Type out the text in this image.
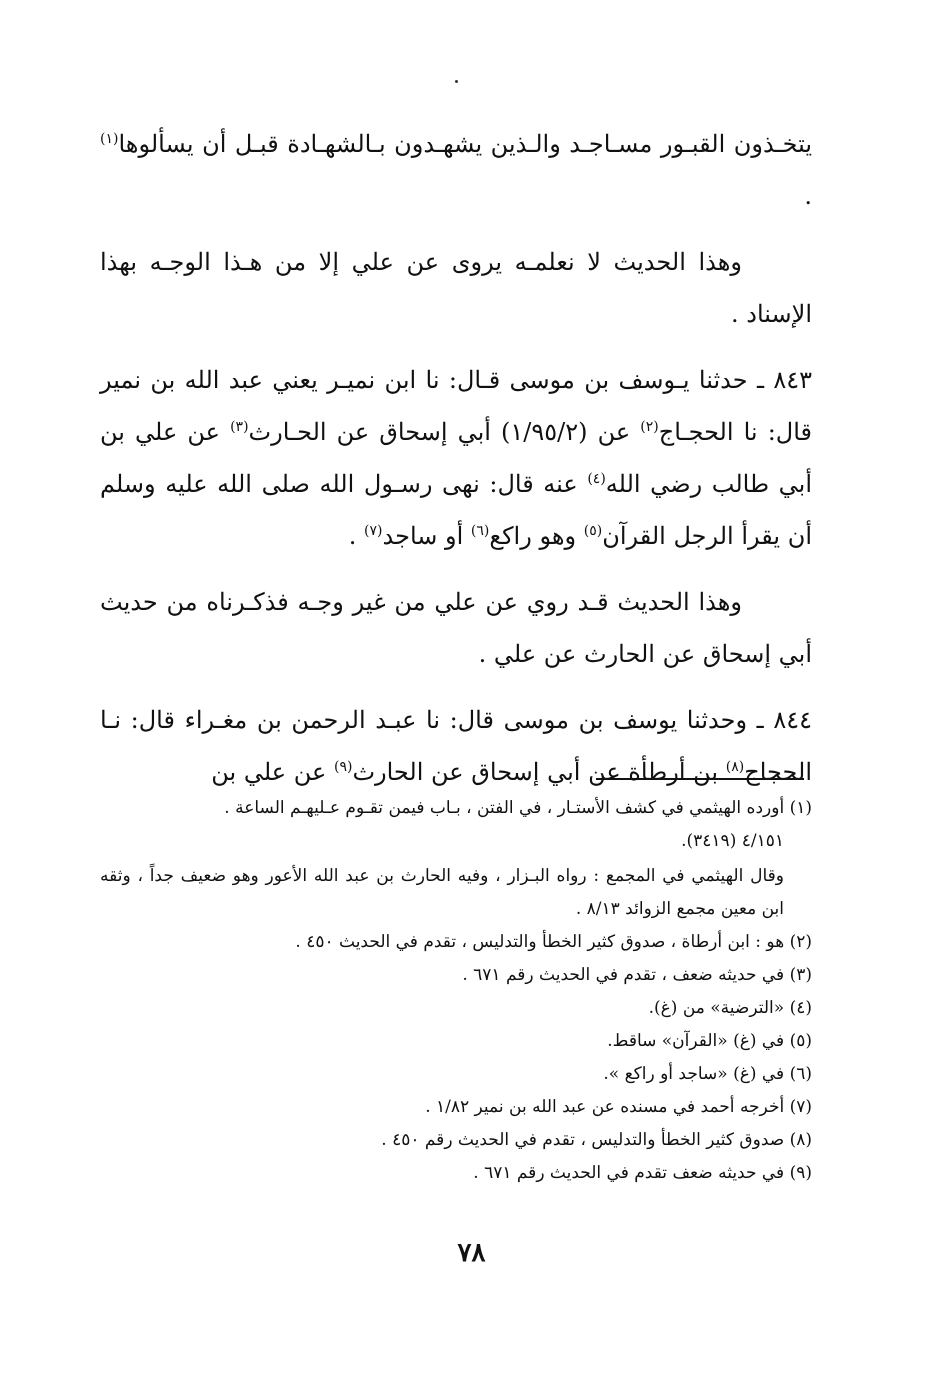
يتخـذون القبـور مسـاجـد والـذين يشهـدون بـالشهـادة قبـل أن يسألوها$^{(١)}$ .

وهذا الحديث لا نعلمـه يروى عن علي إلا من هـذا الوجـه بهذا الإسناد .

٨٤٣ ـ حدثنا يـوسف بن موسى قـال: نا ابن نميـر يعني عبد الله بن نمير قال: نا الحجـاج$^{(٢)}$ عن (١/٩٥/٢) أبي إسحاق عن الحـارث$^{(٣)}$ عن علي بن أبي طالب رضي الله$^{(٤)}$ عنه قال: نهى رسـول الله صلى الله عليه وسلم أن يقرأ الرجل القرآن$^{(٥)}$ وهو راكع$^{(٦)}$ أو ساجد$^{(٧)}$ .

وهذا الحديث قـد روي عن علي من غير وجـه فذكـرناه من حديث أبي إسحاق عن الحارث عن علي .

٨٤٤ ـ وحدثنا يوسف بن موسى قال: نا عبـد الرحمن بن مغـراء قال: نـا الحجاج$^{(٨)}$ بن أرطأة عن أبي إسحاق عن الحارث$^{(٩)}$ عن علي بن

(١) أورده الهيثمي في كشف الأستـار ، في الفتن ، بـاب فيمن تقـوم عـليهـم الساعة .
٤/١٥١ (٣٤١٩).
وقال الهيثمي في المجمع : رواه البـزار ، وفيه الحارث بن عبد الله الأعور وهو ضعيف جداً ، وثقه ابن معين مجمع الزوائد ٨/١٣ .
(٢) هو : ابن أرطاة ، صدوق كثير الخطأ والتدليس ، تقدم في الحديث ٤٥٠ .
(٣) في حديثه ضعف ، تقدم في الحديث رقم ٦٧١ .
(٤) «الترضية» من (غ).
(٥) في (غ) «القرآن» ساقط.
(٦) في (غ) «ساجد أو راكع ».
(٧) أخرجه أحمد في مسنده عن عبد الله بن نمير ١/٨٢ .
(٨) صدوق كثير الخطأ والتدليس ، تقدم في الحديث رقم ٤٥٠ .
(٩) في حديثه ضعف تقدم في الحديث رقم ٦٧١ .
٧٨
